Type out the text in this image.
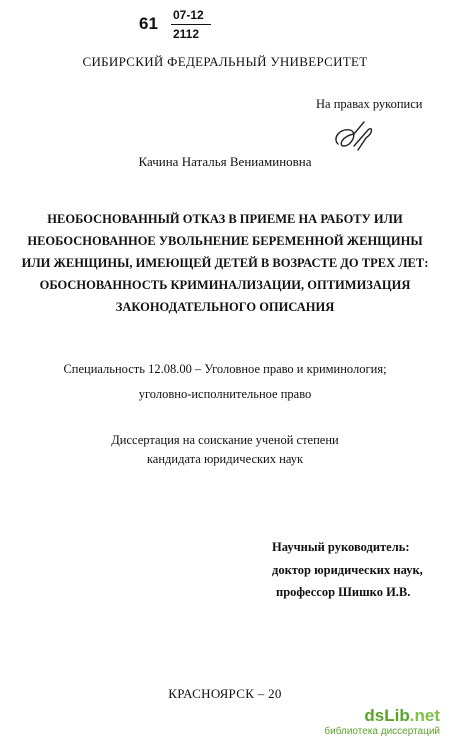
61 07-12
2112
СИБИРСКИЙ ФЕДЕРАЛЬНЫЙ УНИВЕРСИТЕТ
На правах рукописи
Качина Наталья Вениаминовна
НЕОБОСНОВАННЫЙ ОТКАЗ В ПРИЕМЕ НА РАБОТУ ИЛИ
НЕОБОСНОВАННОЕ УВОЛЬНЕНИЕ БЕРЕМЕННОЙ ЖЕНЩИНЫ
ИЛИ ЖЕНЩИНЫ, ИМЕЮЩЕЙ ДЕТЕЙ В ВОЗРАСТЕ ДО ТРЕХ ЛЕТ:
ОБОСНОВАННОСТЬ КРИМИНАЛИЗАЦИИ, ОПТИМИЗАЦИЯ
ЗАКОНОДАТЕЛЬНОГО ОПИСАНИЯ
Специальность 12.08.00 – Уголовное право и криминология;
уголовно-исполнительное право
Диссертация на соискание ученой степени
кандидата юридических наук
Научный руководитель:
доктор юридических наук,
профессор Шишко И.В.
КРАСНОЯРСК – 20
dsLib.net
библиотека диссертаций
